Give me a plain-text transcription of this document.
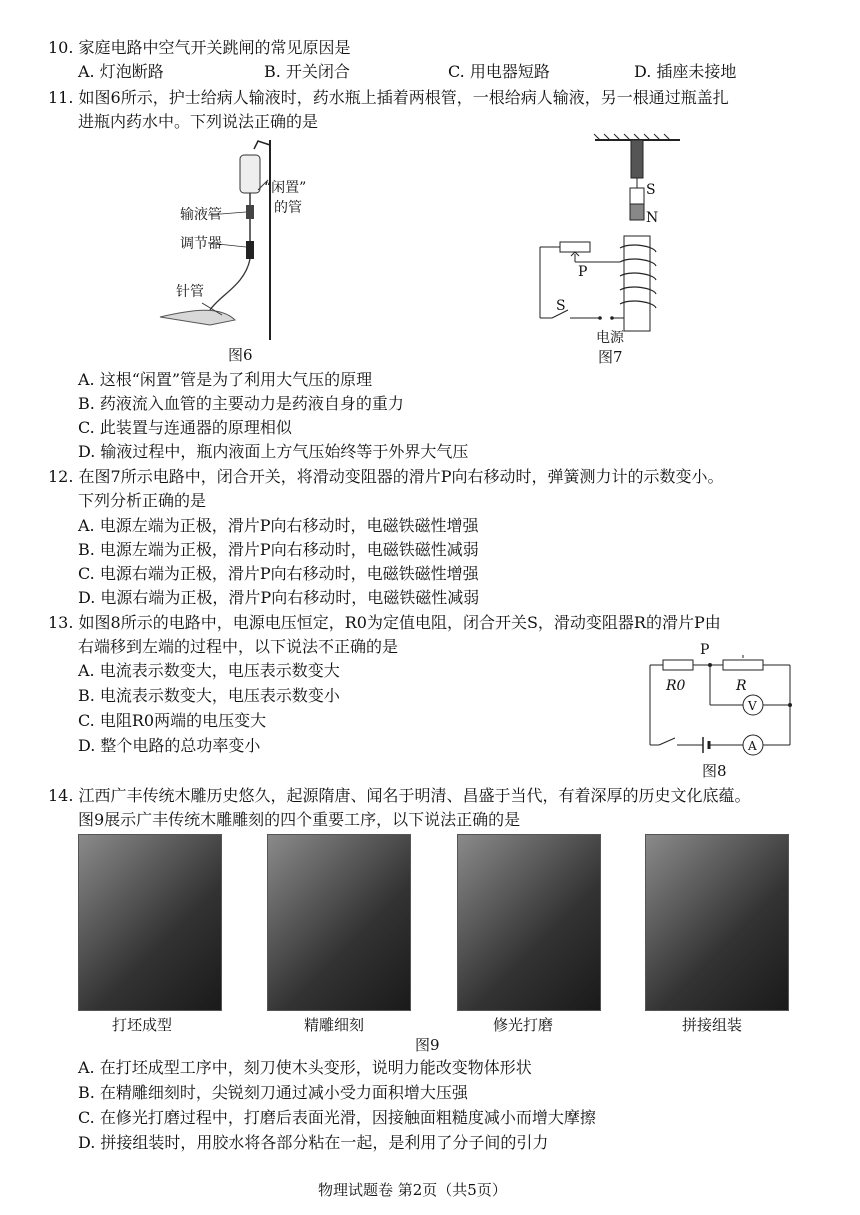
10. 家庭电路中空气开关跳闸的常见原因是
A. 灯泡断路	B. 开关闭合	C. 用电器短路	D. 插座未接地
11. 如图6所示，护士给病人输液时，药水瓶上插着两根管，一根给病人输液，另一根通过瓶盖扎
进瓶内药水中。下列说法正确的是
“闲置”
的管
输液管
调节器
针管
图6
S
N
P
S
电源
图7
A. 这根“闲置”管是为了利用大气压的原理
B. 药液流入血管的主要动力是药液自身的重力
C. 此装置与连通器的原理相似
D. 输液过程中，瓶内液面上方气压始终等于外界大气压
12. 在图7所示电路中，闭合开关，将滑动变阻器的滑片P向右移动时，弹簧测力计的示数变小。
下列分析正确的是
A. 电源左端为正极，滑片P向右移动时，电磁铁磁性增强
B. 电源左端为正极，滑片P向右移动时，电磁铁磁性减弱
C. 电源右端为正极，滑片P向右移动时，电磁铁磁性增强
D. 电源右端为正极，滑片P向右移动时，电磁铁磁性减弱
13. 如图8所示的电路中，电源电压恒定，R0为定值电阻，闭合开关S，滑动变阻器R的滑片P由
右端移到左端的过程中，以下说法不正确的是
A. 电流表示数变大，电压表示数变大
B. 电流表示数变大，电压表示数变小
C. 电阻R0两端的电压变大
D. 整个电路的总功率变小
P
R0	R
V
A
图8
14. 江西广丰传统木雕历史悠久，起源隋唐、闻名于明清、昌盛于当代，有着深厚的历史文化底蕴。
图9展示广丰传统木雕雕刻的四个重要工序，以下说法正确的是
打坯成型	精雕细刻	修光打磨	拼接组装
图9
A. 在打坯成型工序中，刻刀使木头变形，说明力能改变物体形状
B. 在精雕细刻时，尖锐刻刀通过减小受力面积增大压强
C. 在修光打磨过程中，打磨后表面光滑，因接触面粗糙度减小而增大摩擦
D. 拼接组装时，用胶水将各部分粘在一起，是利用了分子间的引力
物理试题卷 第2页（共5页）
